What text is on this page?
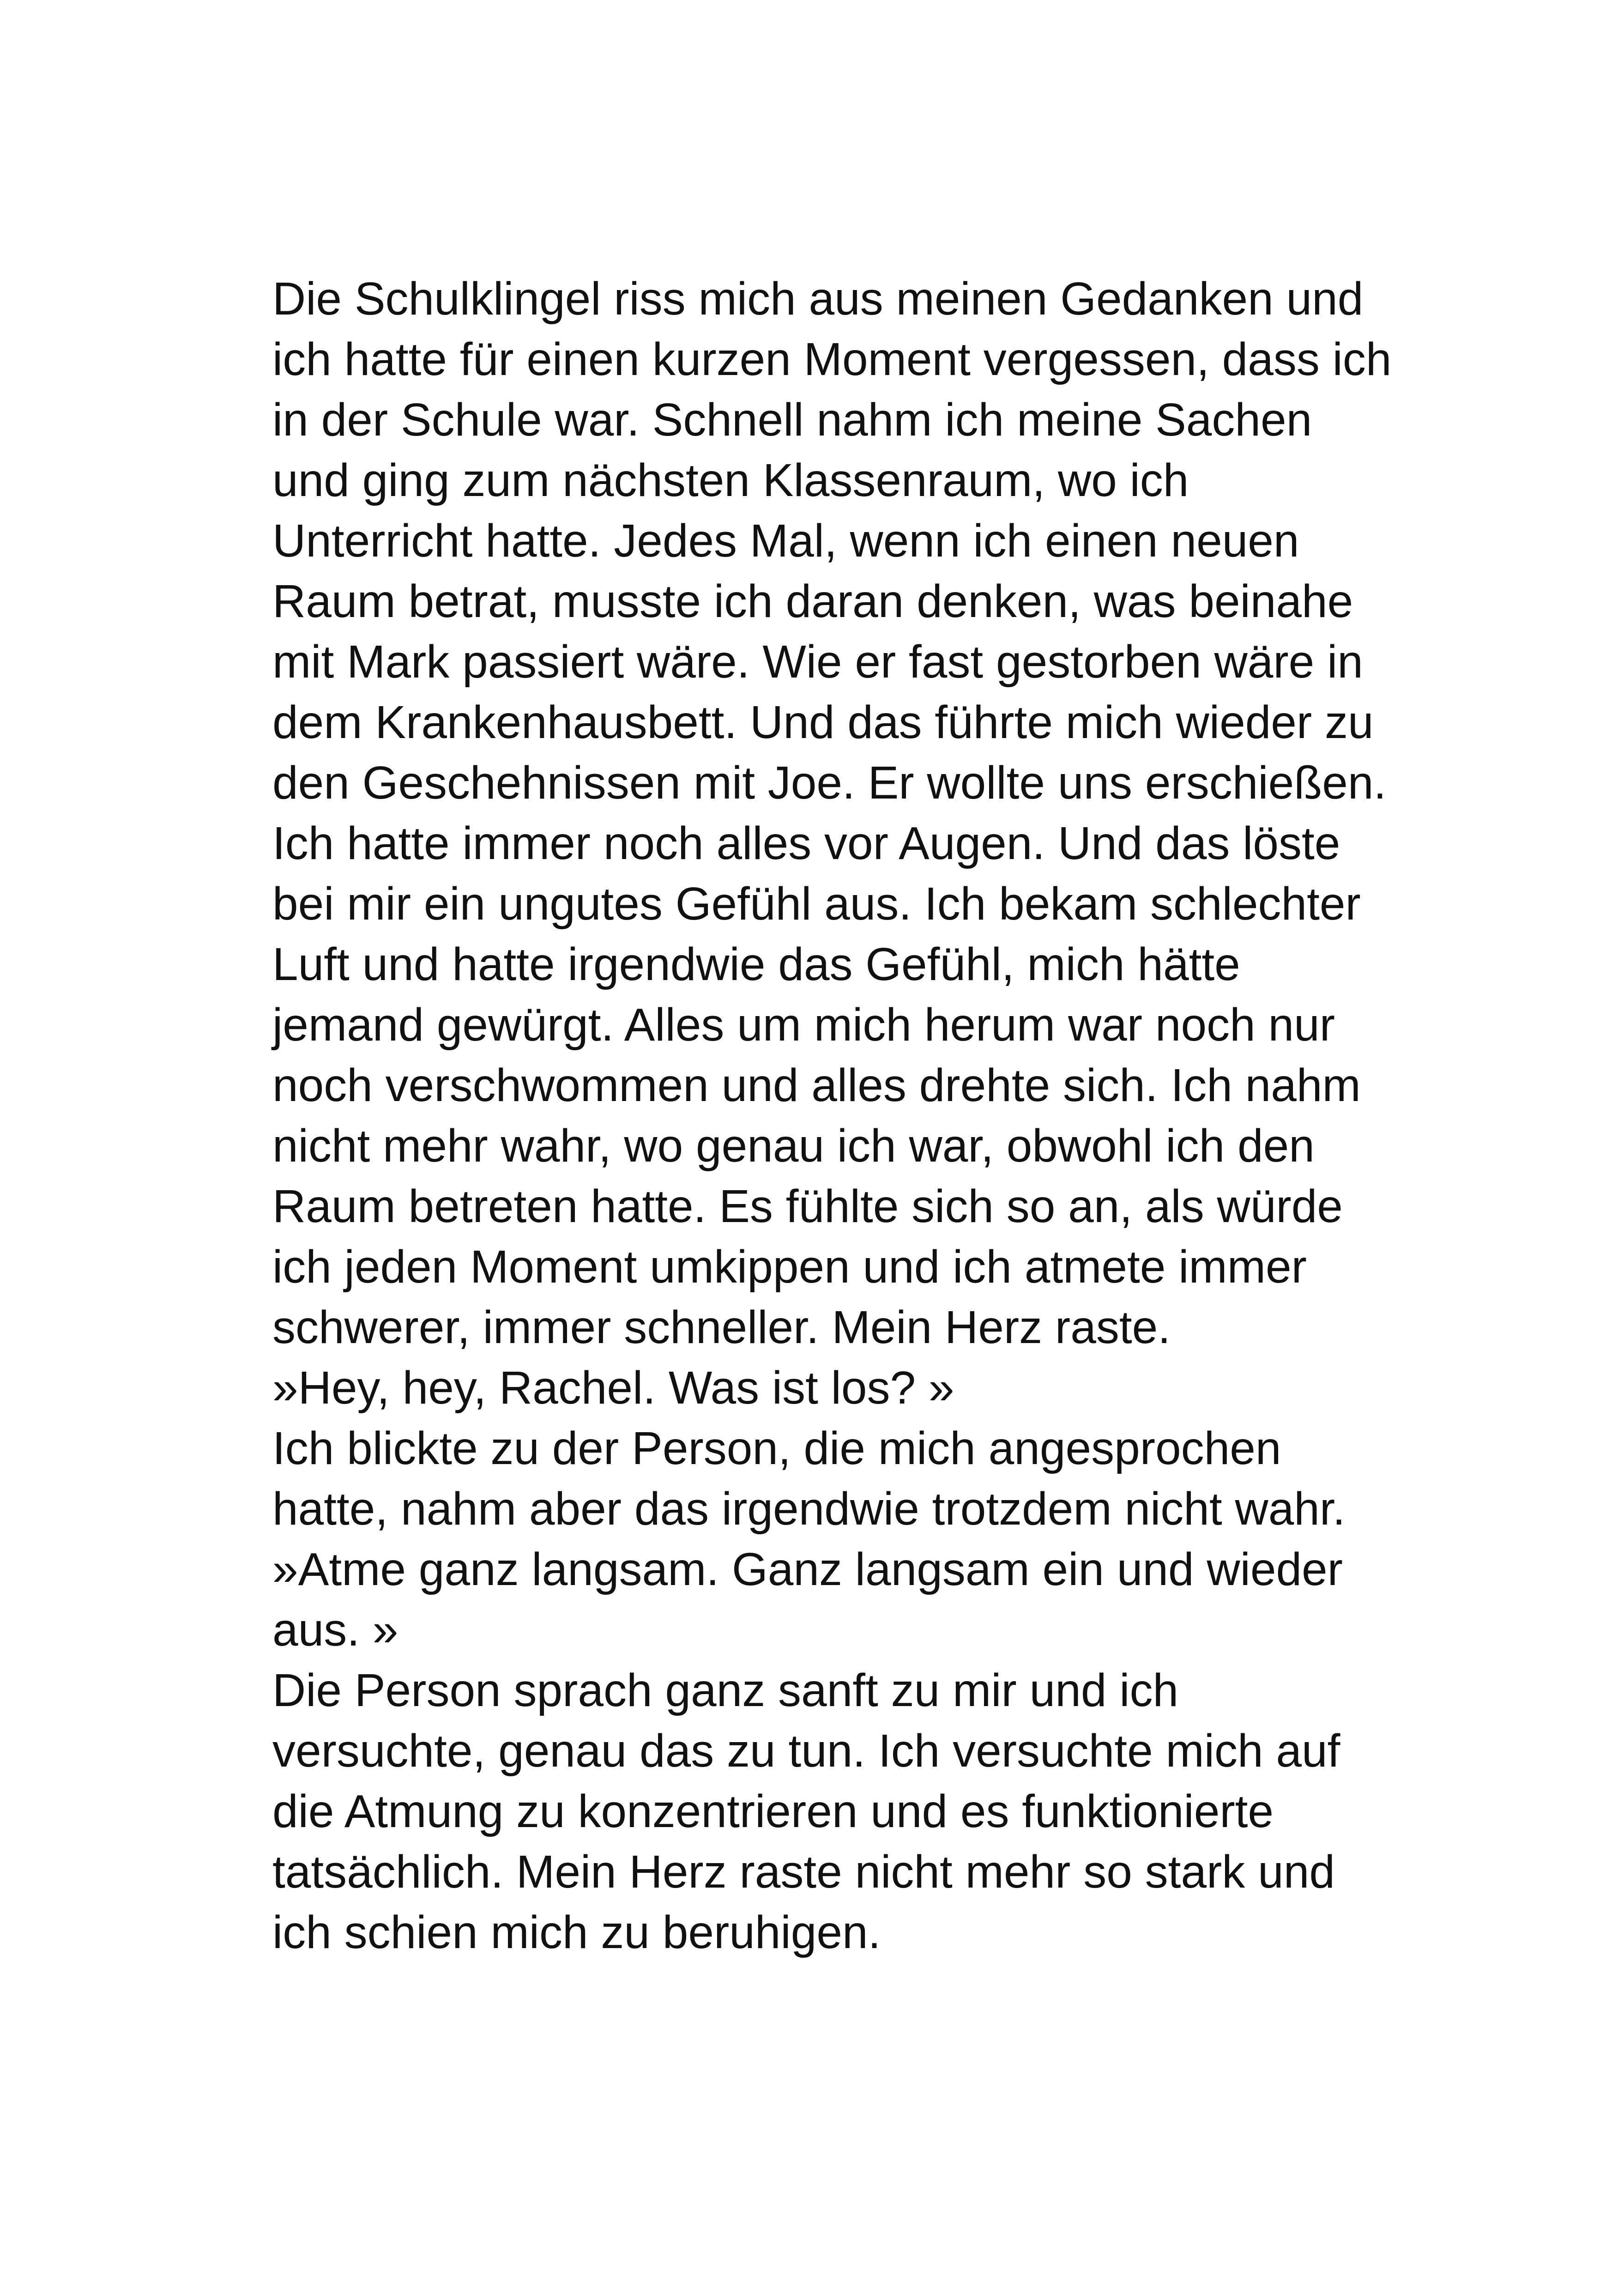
Die Schulklingel riss mich aus meinen Gedanken und
ich hatte für einen kurzen Moment vergessen, dass ich
in der Schule war. Schnell nahm ich meine Sachen
und ging zum nächsten Klassenraum, wo ich
Unterricht hatte. Jedes Mal, wenn ich einen neuen
Raum betrat, musste ich daran denken, was beinahe
mit Mark passiert wäre. Wie er fast gestorben wäre in
dem Krankenhausbett. Und das führte mich wieder zu
den Geschehnissen mit Joe. Er wollte uns erschießen.
Ich hatte immer noch alles vor Augen. Und das löste
bei mir ein ungutes Gefühl aus. Ich bekam schlechter
Luft und hatte irgendwie das Gefühl, mich hätte
jemand gewürgt. Alles um mich herum war noch nur
noch verschwommen und alles drehte sich. Ich nahm
nicht mehr wahr, wo genau ich war, obwohl ich den
Raum betreten hatte. Es fühlte sich so an, als würde
ich jeden Moment umkippen und ich atmete immer
schwerer, immer schneller. Mein Herz raste.
»Hey, hey, Rachel. Was ist los? »
Ich blickte zu der Person, die mich angesprochen
hatte, nahm aber das irgendwie trotzdem nicht wahr.
»Atme ganz langsam. Ganz langsam ein und wieder
aus. »
Die Person sprach ganz sanft zu mir und ich
versuchte, genau das zu tun. Ich versuchte mich auf
die Atmung zu konzentrieren und es funktionierte
tatsächlich. Mein Herz raste nicht mehr so stark und
ich schien mich zu beruhigen.
